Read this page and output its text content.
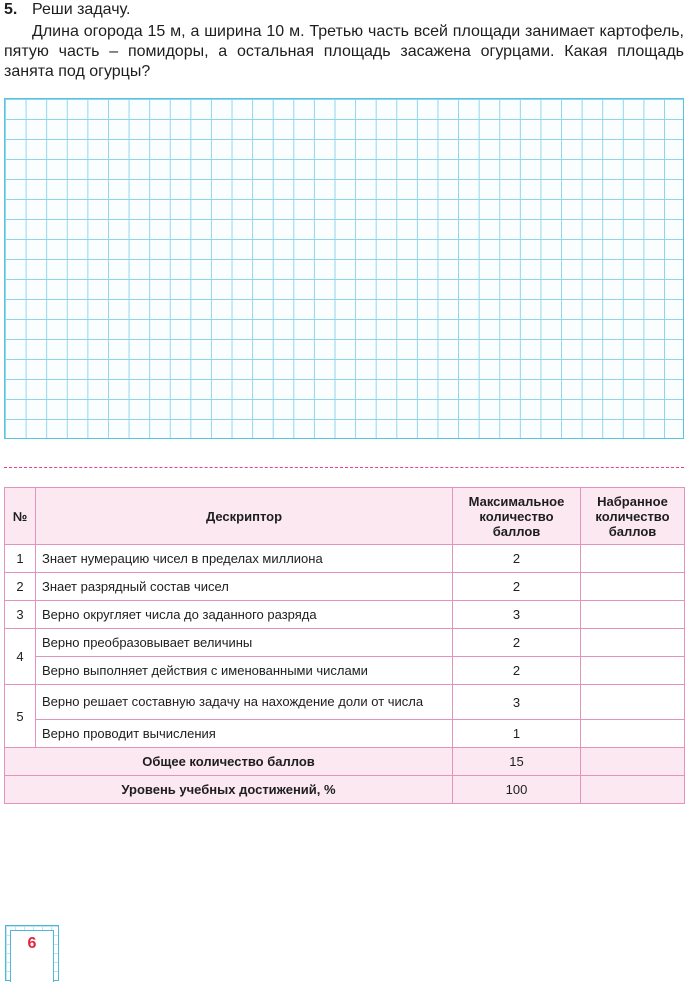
5. Реши задачу.
Длина огорода 15 м, а ширина 10 м. Третью часть всей площади занимает картофель, пятую часть – помидоры, а остальная площадь засажена огурцами. Какая площадь занята под огурцы?
№	Дескриптор	Максимальное количество баллов	Набранное количество баллов
1	Знает нумерацию чисел в пределах миллиона	2	
2	Знает разрядный состав чисел	2	
3	Верно округляет числа до заданного разряда	3	
4	Верно преобразовывает величины	2	
	Верно выполняет действия с именованными числами	2	
5	Верно решает составную задачу на нахождение доли от числа	3	
	Верно проводит вычисления	1	
Общее количество баллов		15	
Уровень учебных достижений, %		100	
6
